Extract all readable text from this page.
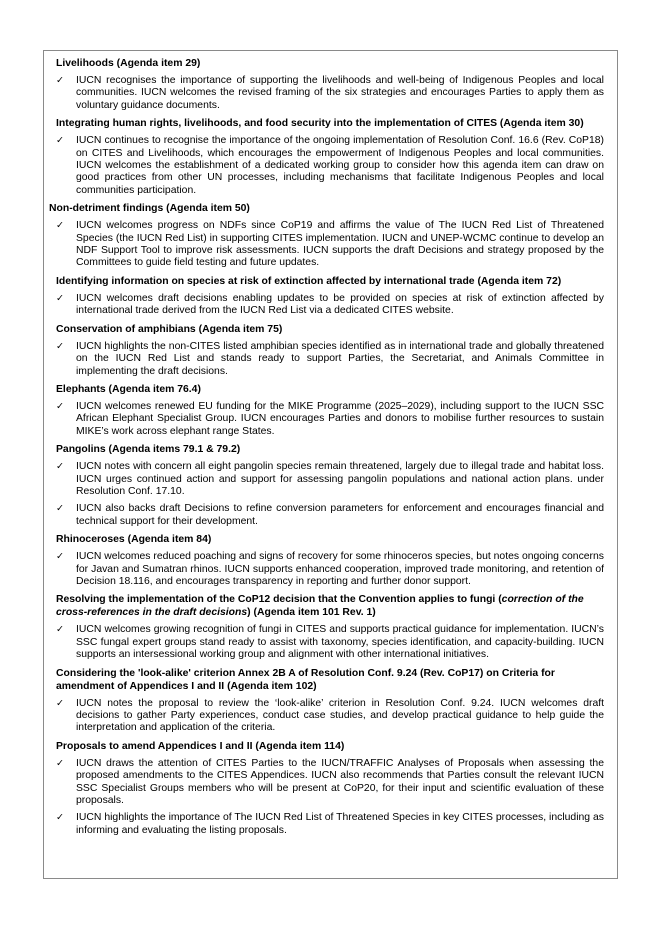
Livelihoods (Agenda item 29)
✓ IUCN recognises the importance of supporting the livelihoods and well-being of Indigenous Peoples and local communities. IUCN welcomes the revised framing of the six strategies and encourages Parties to apply them as voluntary guidance documents.
Integrating human rights, livelihoods, and food security into the implementation of CITES (Agenda item 30)
✓ IUCN continues to recognise the importance of the ongoing implementation of Resolution Conf. 16.6 (Rev. CoP18) on CITES and Livelihoods, which encourages the empowerment of Indigenous Peoples and local communities. IUCN welcomes the establishment of a dedicated working group to consider how this agenda item can draw on good practices from other UN processes, including mechanisms that facilitate Indigenous Peoples and local communities participation.
Non-detriment findings (Agenda item 50)
✓ IUCN welcomes progress on NDFs since CoP19 and affirms the value of The IUCN Red List of Threatened Species (the IUCN Red List) in supporting CITES implementation. IUCN and UNEP-WCMC continue to develop an NDF Support Tool to improve risk assessments. IUCN supports the draft Decisions and strategy proposed by the Committees to guide field testing and future updates.
Identifying information on species at risk of extinction affected by international trade (Agenda item 72)
✓ IUCN welcomes draft decisions enabling updates to be provided on species at risk of extinction affected by international trade derived from the IUCN Red List via a dedicated CITES website.
Conservation of amphibians (Agenda item 75)
✓ IUCN highlights the non-CITES listed amphibian species identified as in international trade and globally threatened on the IUCN Red List and stands ready to support Parties, the Secretariat, and Animals Committee in implementing the draft decisions.
Elephants (Agenda item 76.4)
✓ IUCN welcomes renewed EU funding for the MIKE Programme (2025–2029), including support to the IUCN SSC African Elephant Specialist Group. IUCN encourages Parties and donors to mobilise further resources to sustain MIKE’s work across elephant range States.
Pangolins (Agenda items 79.1 & 79.2)
✓ IUCN notes with concern all eight pangolin species remain threatened, largely due to illegal trade and habitat loss. IUCN urges continued action and support for assessing pangolin populations and national action plans. under Resolution Conf. 17.10.
✓ IUCN also backs draft Decisions to refine conversion parameters for enforcement and encourages financial and technical support for their development.
Rhinoceroses (Agenda item 84)
✓ IUCN welcomes reduced poaching and signs of recovery for some rhinoceros species, but notes ongoing concerns for Javan and Sumatran rhinos. IUCN supports enhanced cooperation, improved trade monitoring, and retention of Decision 18.116, and encourages transparency in reporting and further donor support.
Resolving the implementation of the CoP12 decision that the Convention applies to fungi (correction of the cross-references in the draft decisions) (Agenda item 101 Rev. 1)
✓ IUCN welcomes growing recognition of fungi in CITES and supports practical guidance for implementation. IUCN’s SSC fungal expert groups stand ready to assist with taxonomy, species identification, and capacity-building. IUCN supports an intersessional working group and alignment with other international initiatives.
Considering the 'look-alike' criterion Annex 2B A of Resolution Conf. 9.24 (Rev. CoP17) on Criteria for amendment of Appendices I and II (Agenda item 102)
✓ IUCN notes the proposal to review the ‘look-alike’ criterion in Resolution Conf. 9.24. IUCN welcomes draft decisions to gather Party experiences, conduct case studies, and develop practical guidance to help guide the interpretation and application of the criteria.
Proposals to amend Appendices I and II (Agenda item 114)
✓ IUCN draws the attention of CITES Parties to the IUCN/TRAFFIC Analyses of Proposals when assessing the proposed amendments to the CITES Appendices. IUCN also recommends that Parties consult the relevant IUCN SSC Specialist Groups members who will be present at CoP20, for their input and scientific evaluation of these proposals.
✓ IUCN highlights the importance of The IUCN Red List of Threatened Species in key CITES processes, including as informing and evaluating the listing proposals.
